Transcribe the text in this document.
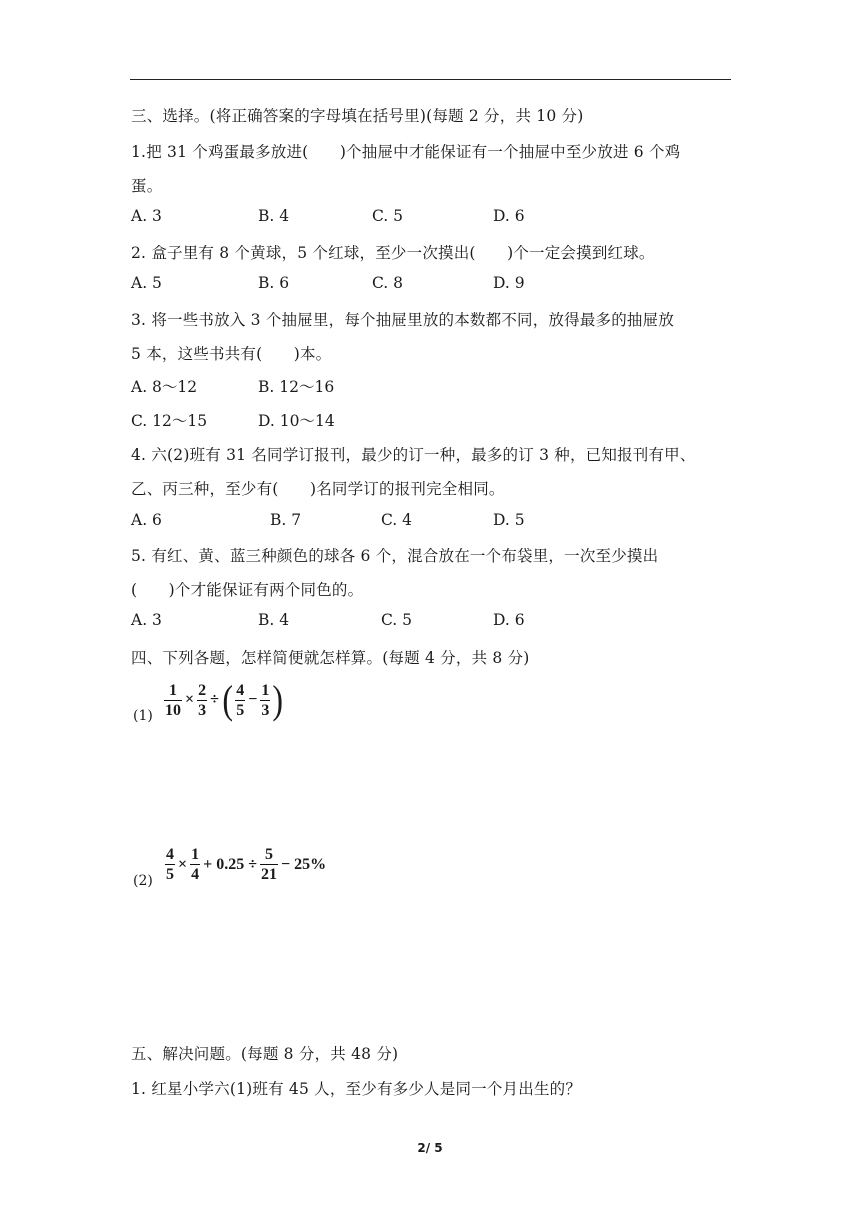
三、选择。(将正确答案的字母填在括号里)(每题 2 分，共 10 分)
1.把 31 个鸡蛋最多放进(　　)个抽屉中才能保证有一个抽屉中至少放进 6 个鸡
蛋。
A. 3	B. 4	C. 5	D. 6
2. 盒子里有 8 个黄球，5 个红球，至少一次摸出(　　)个一定会摸到红球。
A. 5	B. 6	C. 8	D. 9
3. 将一些书放入 3 个抽屉里，每个抽屉里放的本数都不同，放得最多的抽屉放
5 本，这些书共有(　　)本。
A. 8～12	B. 12～16
C. 12～15	D. 10～14
4. 六(2)班有 31 名同学订报刊，最少的订一种，最多的订 3 种，已知报刊有甲、
乙、丙三种，至少有(　　)名同学订的报刊完全相同。
A. 6	B. 7	C. 4	D. 5
5. 有红、黄、蓝三种颜色的球各 6 个，混合放在一个布袋里，一次至少摸出
(　　)个才能保证有两个同色的。
A. 3	B. 4	C. 5	D. 6
四、下列各题，怎样简便就怎样算。(每题 4 分，共 8 分)
$(1) \frac{1}{10} \times \frac{2}{3}$ ÷ ( $\frac{4}{5} - \frac{1}{3}$ )
$(2) \frac{4}{5} \times \frac{1}{4} + 0.25 \div \frac{5}{21} - 25\%$
五、解决问题。(每题 8 分，共 48 分)
1. 红星小学六(1)班有 45 人，至少有多少人是同一个月出生的？
2/ 5
